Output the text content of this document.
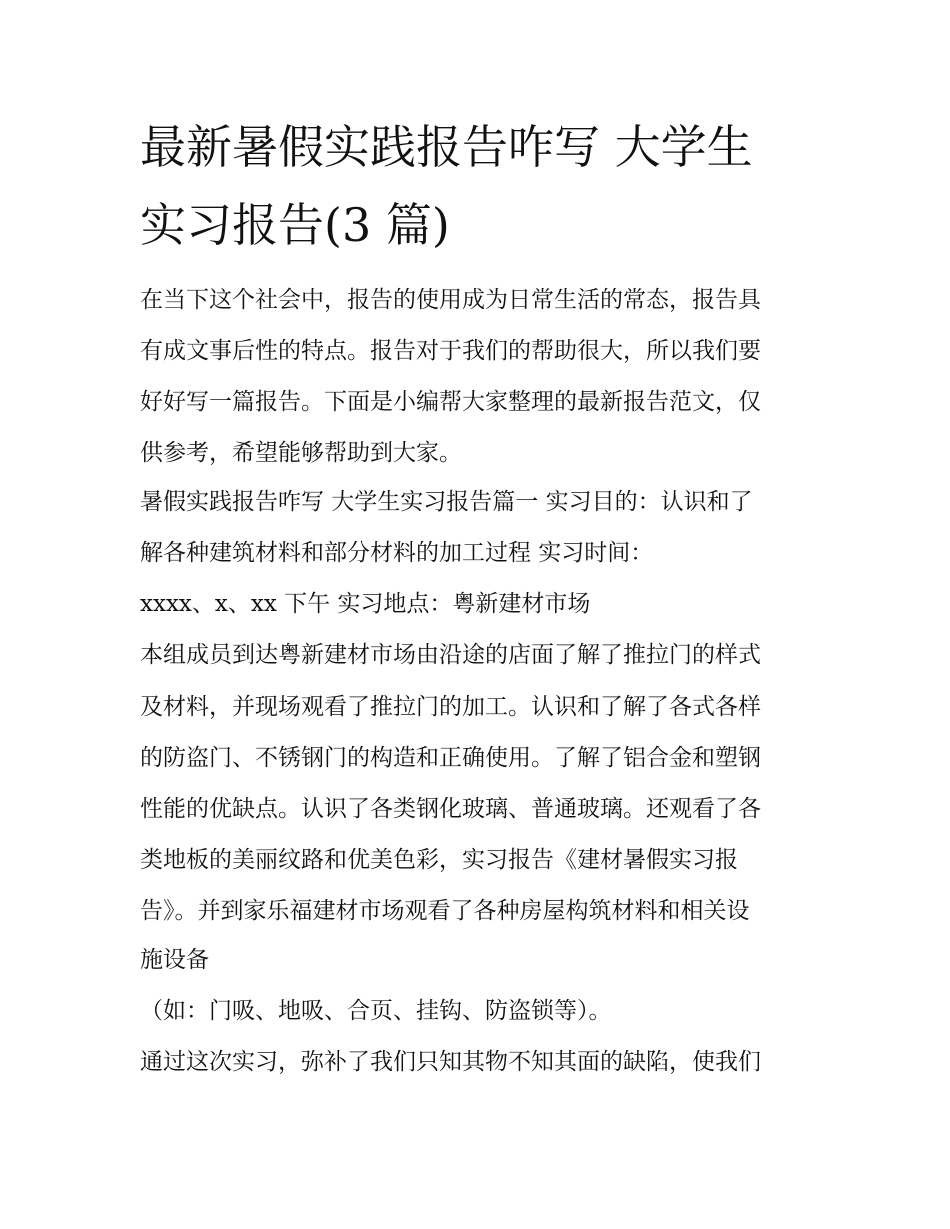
最新暑假实践报告咋写 大学生
实习报告(3 篇)

在当下这个社会中，报告的使用成为日常生活的常态，报告具

有成文事后性的特点。报告对于我们的帮助很大，所以我们要

好好写一篇报告。下面是小编帮大家整理的最新报告范文，仅

供参考，希望能够帮助到大家。

暑假实践报告咋写 大学生实习报告篇一 实习目的：认识和了

解各种建筑材料和部分材料的加工过程 实习时间：

xxxx、x、xx 下午 实习地点：粤新建材市场

本组成员到达粤新建材市场由沿途的店面了解了推拉门的样式

及材料，并现场观看了推拉门的加工。认识和了解了各式各样

的防盗门、不锈钢门的构造和正确使用。了解了铝合金和塑钢

性能的优缺点。认识了各类钢化玻璃、普通玻璃。还观看了各

类地板的美丽纹路和优美色彩，实习报告《建材暑假实习报

告》。并到家乐福建材市场观看了各种房屋构筑材料和相关设

施设备

（如：门吸、地吸、合页、挂钩、防盗锁等）。

通过这次实习，弥补了我们只知其物不知其面的缺陷，使我们
